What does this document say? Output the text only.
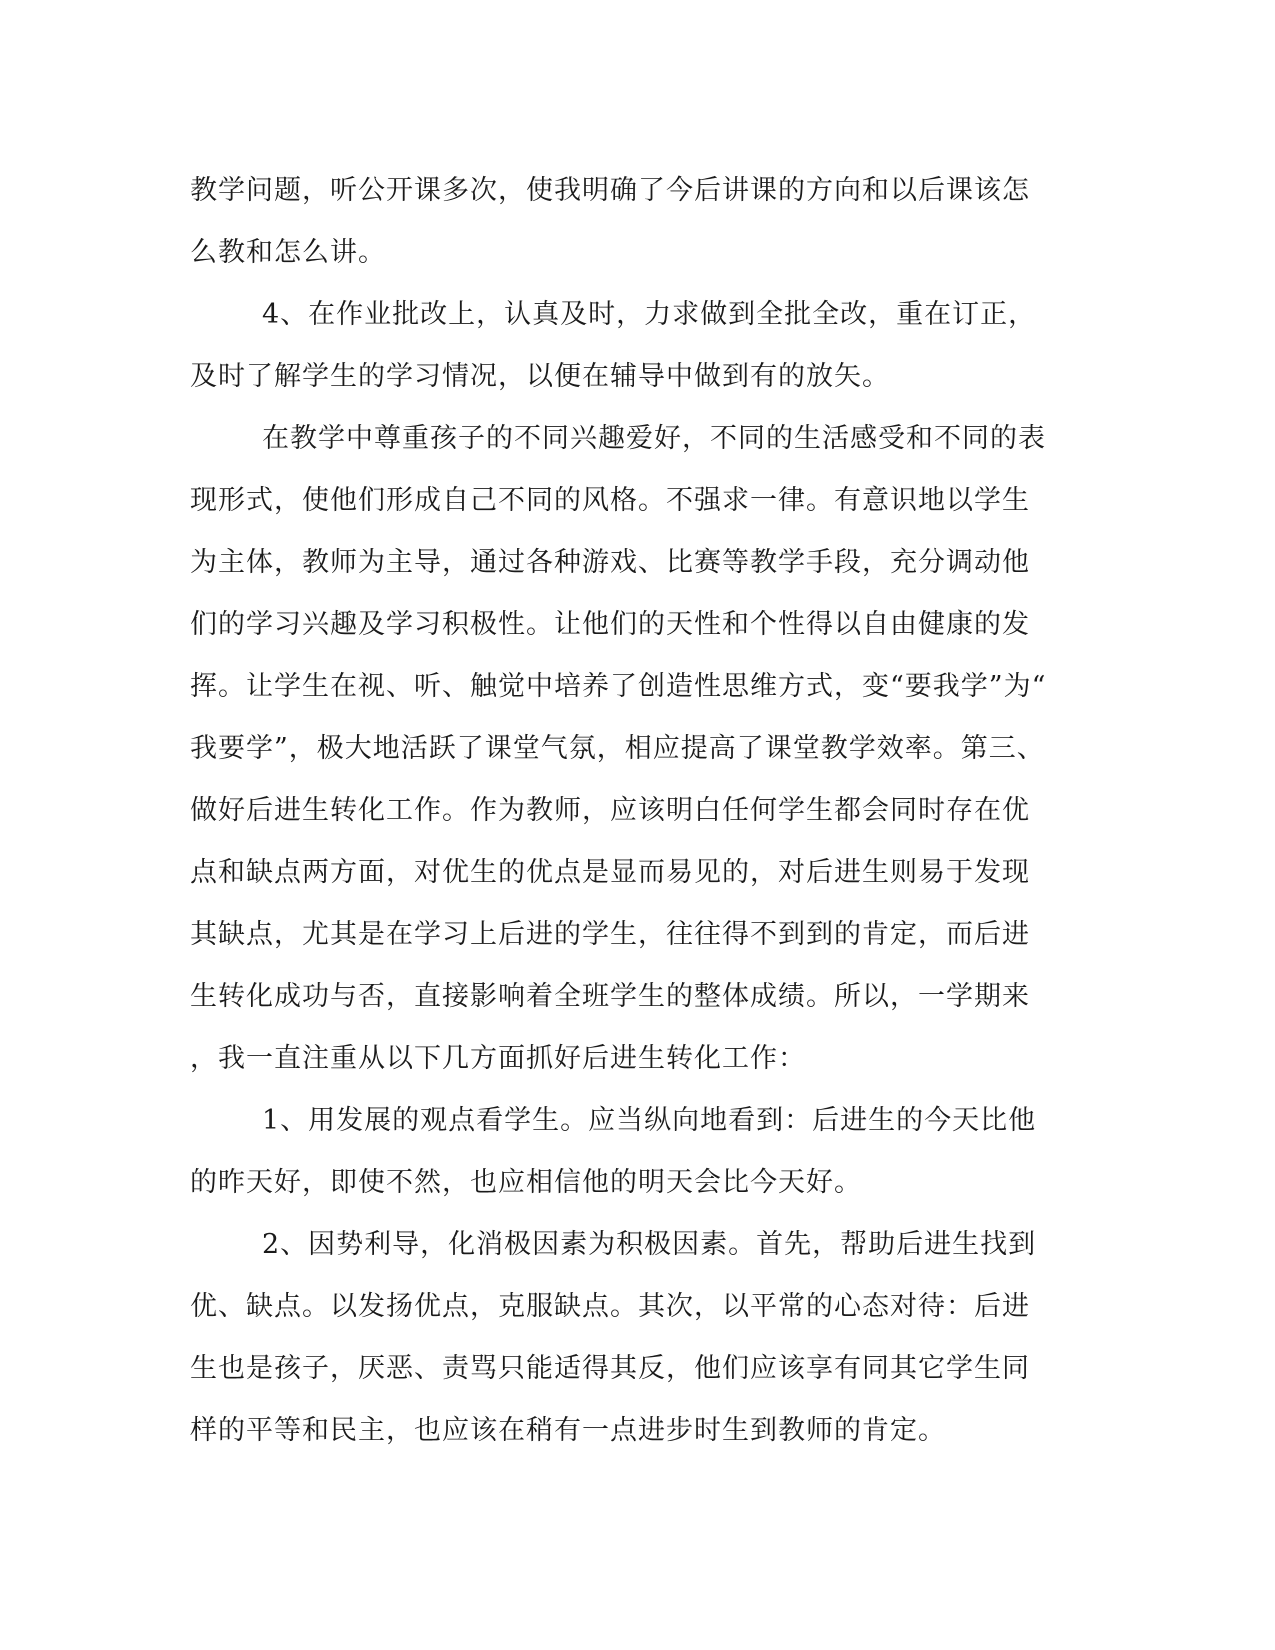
教学问题，听公开课多次，使我明确了今后讲课的方向和以后课该怎
么教和怎么讲。
4、在作业批改上，认真及时，力求做到全批全改，重在订正，
及时了解学生的学习情况，以便在辅导中做到有的放矢。
在教学中尊重孩子的不同兴趣爱好，不同的生活感受和不同的表
现形式，使他们形成自己不同的风格。不强求一律。有意识地以学生
为主体，教师为主导，通过各种游戏、比赛等教学手段，充分调动他
们的学习兴趣及学习积极性。让他们的天性和个性得以自由健康的发
挥。让学生在视、听、触觉中培养了创造性思维方式，变“要我学”为“
我要学”，极大地活跃了课堂气氛，相应提高了课堂教学效率。第三、
做好后进生转化工作。作为教师，应该明白任何学生都会同时存在优
点和缺点两方面，对优生的优点是显而易见的，对后进生则易于发现
其缺点，尤其是在学习上后进的学生，往往得不到到的肯定，而后进
生转化成功与否，直接影响着全班学生的整体成绩。所以，一学期来
，我一直注重从以下几方面抓好后进生转化工作：
1、用发展的观点看学生。应当纵向地看到：后进生的今天比他
的昨天好，即使不然，也应相信他的明天会比今天好。
2、因势利导，化消极因素为积极因素。首先，帮助后进生找到
优、缺点。以发扬优点，克服缺点。其次，以平常的心态对待：后进
生也是孩子，厌恶、责骂只能适得其反，他们应该享有同其它学生同
样的平等和民主，也应该在稍有一点进步时生到教师的肯定。
